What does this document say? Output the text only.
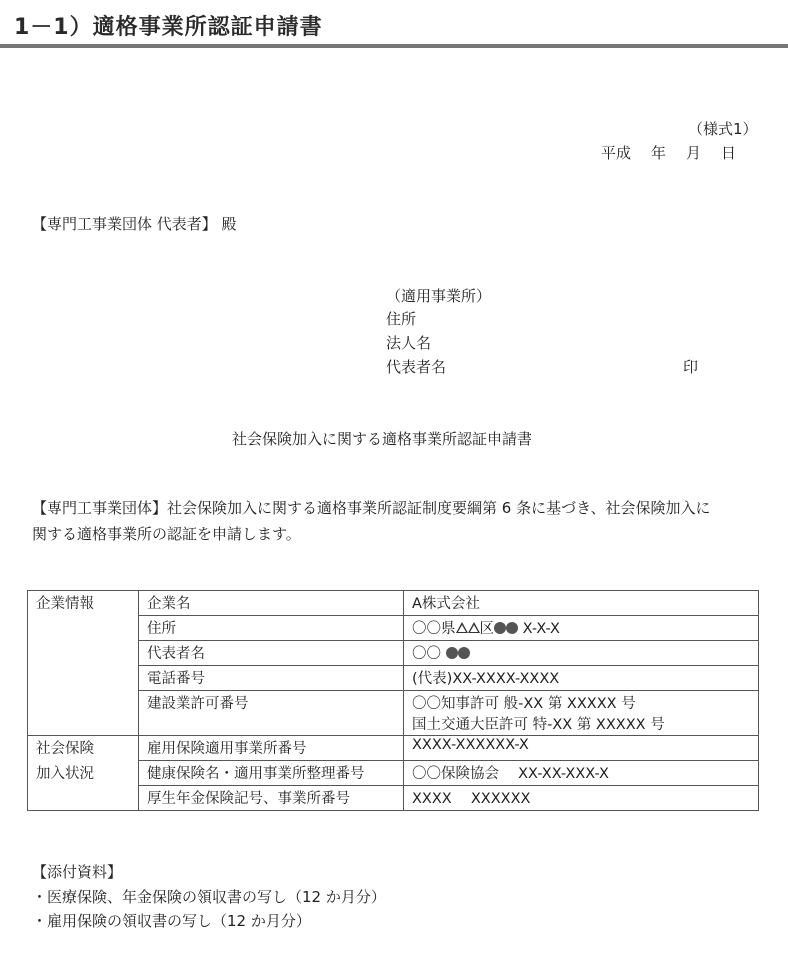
1－1）適格事業所認証申請書
（様式1）
平成 年 月 日
【専門工事業団体 代表者】 殿
（適用事業所）
住所
法人名
代表者名	印
社会保険加入に関する適格事業所認証申請書
【専門工事業団体】社会保険加入に関する適格事業所認証制度要綱第 6 条に基づき、社会保険加入に
関する適格事業所の認証を申請します。
企業情報	企業名	A株式会社
	住所	〇〇県 区 X-X-X
	代表者名	〇〇
	電話番号	(代表)XX-XXXX-XXXX
	建設業許可番号	〇〇知事許可 般-XX 第 XXXXX 号
国土交通大臣許可 特-XX 第 XXXXX 号

社会保険
加入状況	雇用保険適用事業所番号	XXXX-XXXXXX-X
	健康保険名・適用事業所整理番号	〇〇保険協会　 XX-XX-XXX-X
	厚生年金保険記号、事業所番号	XXXX　 XXXXXX
【添付資料】
・医療保険、年金保険の領収書の写し（12 か月分）
・雇用保険の領収書の写し（12 か月分）
